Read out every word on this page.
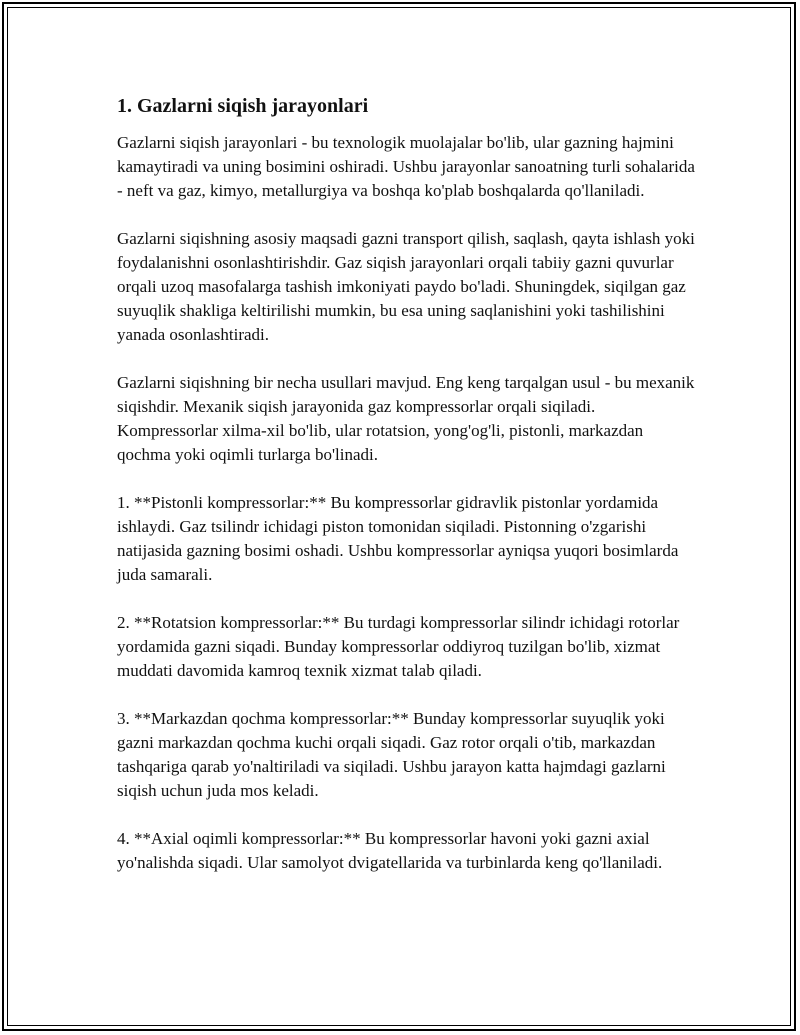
1. Gazlarni siqish jarayonlari

Gazlarni siqish jarayonlari - bu texnologik muolajalar bo'lib, ular gazning hajmini kamaytiradi va uning bosimini oshiradi. Ushbu jarayonlar sanoatning turli sohalarida - neft va gaz, kimyo, metallurgiya va boshqa ko'plab boshqalarda qo'llaniladi.

Gazlarni siqishning asosiy maqsadi gazni transport qilish, saqlash, qayta ishlash yoki foydalanishni osonlashtirishdir. Gaz siqish jarayonlari orqali tabiiy gazni quvurlar orqali uzoq masofalarga tashish imkoniyati paydo bo'ladi. Shuningdek, siqilgan gaz suyuqlik shakliga keltirilishi mumkin, bu esa uning saqlanishini yoki tashilishini yanada osonlashtiradi.

Gazlarni siqishning bir necha usullari mavjud. Eng keng tarqalgan usul - bu mexanik siqishdir. Mexanik siqish jarayonida gaz kompressorlar orqali siqiladi. Kompressorlar xilma-xil bo'lib, ular rotatsion, yong'og'li, pistonli, markazdan qochma yoki oqimli turlarga bo'linadi.

1. **Pistonli kompressorlar:** Bu kompressorlar gidravlik pistonlar yordamida ishlaydi. Gaz tsilindr ichidagi piston tomonidan siqiladi. Pistonning o'zgarishi natijasida gazning bosimi oshadi. Ushbu kompressorlar ayniqsa yuqori bosimlarda juda samarali.

2. **Rotatsion kompressorlar:** Bu turdagi kompressorlar silindr ichidagi rotorlar yordamida gazni siqadi. Bunday kompressorlar oddiyroq tuzilgan bo'lib, xizmat muddati davomida kamroq texnik xizmat talab qiladi.

3. **Markazdan qochma kompressorlar:** Bunday kompressorlar suyuqlik yoki gazni markazdan qochma kuchi orqali siqadi. Gaz rotor orqali o'tib, markazdan tashqariga qarab yo'naltiriladi va siqiladi. Ushbu jarayon katta hajmdagi gazlarni siqish uchun juda mos keladi.

4. **Axial oqimli kompressorlar:** Bu kompressorlar havoni yoki gazni axial yo'nalishda siqadi. Ular samolyot dvigatellarida va turbinlarda keng qo'llaniladi.
